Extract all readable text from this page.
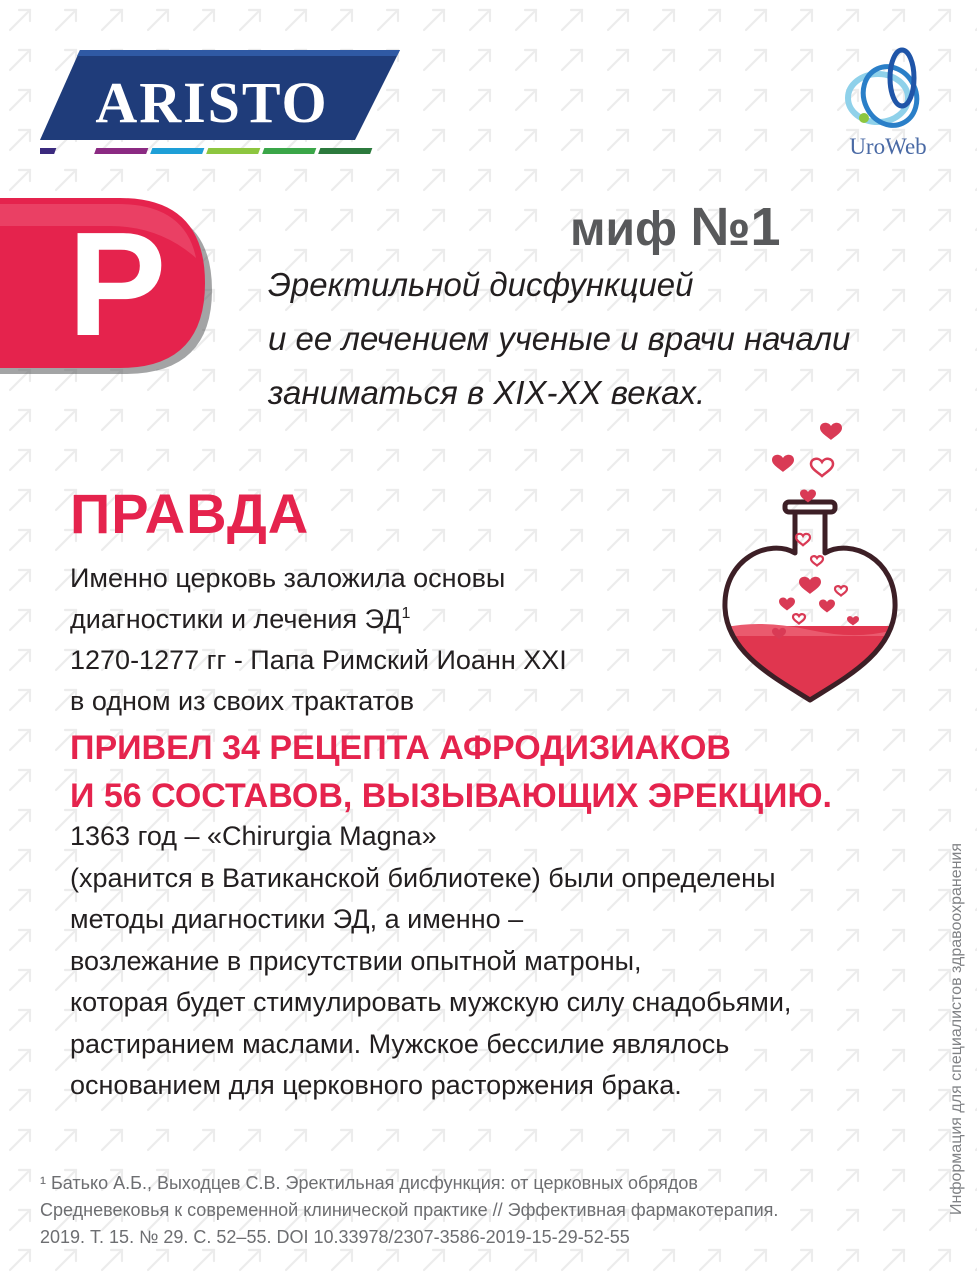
ARISTO
UroWeb
P	миф №1
Эректильной дисфункцией
и ее лечением ученые и врачи начали
заниматься в XIX-XX веках.
ПРАВДА
Именно церковь заложила основы
диагностики и лечения $ЭД^1$
1270-1277 гг - Папа Римский Иоанн XXI
в одном из своих трактатов
ПРИВЕЛ 34 РЕЦЕПТА АФРОДИЗИАКОВ
И 56 СОСТАВОВ, ВЫЗЫВАЮЩИХ ЭРЕКЦИЮ.
1363 год – «Chirurgia Magna»
(хранится в Ватиканской библиотеке) были определены
методы диагностики ЭД, а именно –
возлежание в присутствии опытной матроны,
которая будет стимулировать мужскую силу снадобьями,
растиранием маслами. Мужское бессилие являлось
основанием для церковного расторжения брака.
¹ Батько А.Б., Выходцев С.В. Эректильная дисфункция: от церковных обрядов
Средневековья к современной клинической практике // Эффективная фармакотерапия.
2019. Т. 15. № 29. С. 52–55. DOI 10.33978/2307-3586-2019-15-29-52-55
Информация для специалистов здравоохранения
